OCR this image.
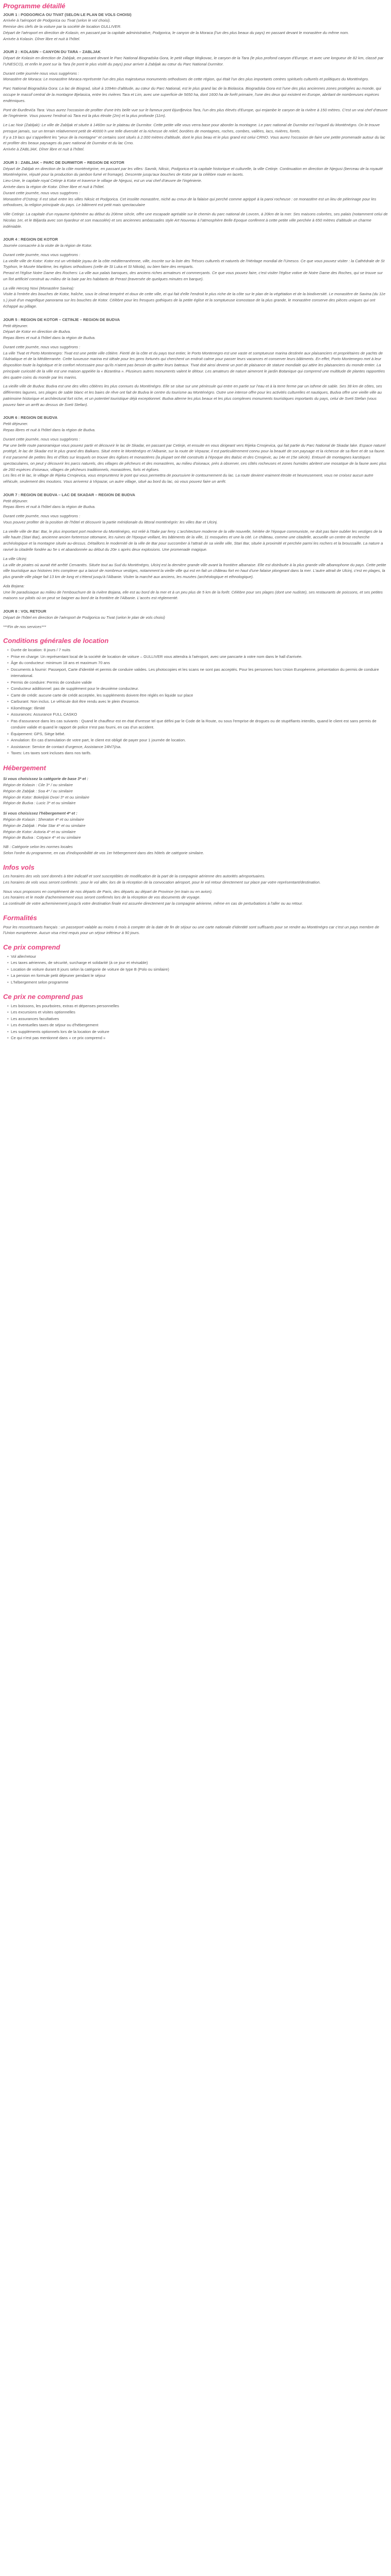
Programme détaillé
JOUR 1 : PODGORICA OU TIVAT (SELON LE PLAN DE VOLS CHOISI)

Arrivée à l'aéroport de Podgorica ou Tivat (selon le vol choisi).

Remise des clefs de la voiture par la société de location GULLIVER.

Départ de l'aéroport en direction de Kolasin, en passant par la capitale administrative, Podgorica, le canyon de la Moraca (l'un des plus beaux du pays) en passant devant le monastère du même nom.

Arrivée à Kolasin. Dîner libre et nuit à l'hôtel.

JOUR 2 : KOLASIN – CANYON DU TARA – ZABLJAK

Départ de Kolasin en direction de Zabljak, en passant devant le Parc National Biogradska Gora, le petit village Mojkovac, le canyon de la Tara (le plus profond canyon d'Europe, et avec une longueur de 82 km, classé par l'UNESCO), et enfin le pont sur la Tara (le pont le plus visité du pays) pour arriver à Zabljak au cœur du Parc National Durmitor.

Durant cette journée nous vous suggérons :

Monastère de Moraca: Le monastère Moraca représente l'un des plus majestueux monuments orthodoxes de cette région, qui était l'un des plus importants centres spirituels culturels et politiques du Monténégro.

Parc National Biogradska Gora: La lac de Biograd, situé à 1094m d'altitude, au cœur du Parc National, est le plus grand lac de la Biolasica. Biogradska Gora est l'une des plus anciennes zones protégées au monde, qui occupe le massif central de la montagne Bjelasica, entre les rivières Tara et Lim, avec une superficie de 5650 ha, dont 1600 ha de forêt primaire, l'une des deux qui existent en Europe, abritant de nombreuses espèces endémiques.

Pont de Đurđevića Tara: Vous aurez l'occasion de profiter d'une très belle vue sur le fameux pont Đjurđjevica Tara, l'un des plus élevés d'Europe, qui enjambe le canyon de la rivière à 150 mètres. C'est un vrai chef d'œuvre de l'ingénierie. Vous pouvez l'endroit où Tara est la plus étroite (2m) et la plus profonde (11m).

Le Lac Noir (Zabljak): Le ville de Zabljak et située à 1460m sur le plateau de Durmitor. Cette petite ville vous verra base pour aborder la montagne. Le parc national de Durmitor est l'orgueil du Monténégro. On le trouve presque jamais, sur un terrain relativement petit de 40000 h une telle diversité et la richesse de relief, bordées de montagnes, roches, combes, vallées, lacs, rivières, forets.

Il y a 19 lacs qui s'appellent les "yeux de la montagne" et certains sont situés à 2.000 mètres d'altitude, dont le plus beau et le plus grand est celui CRNO. Vous aurez l'occasion de faire une petite promenade autour du lac et profiter des beaux paysages du parc national de Durmitor et du lac Crno.

Arrivée à ZABLJAK. Dîner libre et nuit à l'hôtel.

JOUR 3 : ZABLJAK – PARC DE DURMITOR – REGION DE KOTOR

Départ de Zabljak en direction de la côte monténégrine, en passant par les villes: Savnik, Niksic, Podgorica et la capitale historique et culturelle, la ville Cetinje. Continuation en direction de Njegusi (berceau de la royauté Monténégrine, réputé pour la production du jambon fumé et fromage). Descente jusqu'aux bouches de Kotor par la célèbre route en lacets.

Lieu-Unie, le capitale royal Cetinje à Kotor et traverse le village de Njegusi, est un vrai chef d'œuvre de l'ingénierie.

Arrivée dans la région de Kotor. Dîner libre et nuit à l'hôtel.

Durant cette journée, nous vous suggérons :

Monastère d'Ostrog: Il est situé entre les villes Niksic et Podgorica. Cet insolite monastère, niché au creux de la falaise qui perché comme agrippé à la paroi rocheuse : ce monastère est un lieu de pèlerinage pour les orthodoxes, la religion principale du pays. Le bâtiment est petit mais spectaculaire

Ville Cetinje: La capitale d'un royaume éphémère au début du 20ème siècle, offre une escapade agréable sur le chemin du parc national de Lovcen, à 20km de la mer. Ses maisons colorées, ses palais (notamment celui de Nicolas 1er, et le Biljarda avec son tiyardeur et son mausolée) et ses anciennes ambassades style Art Nouveau à l'atmosphère Belle Epoque confèrent à cette petite ville perchée à 650 mètres d'altitude un charme indéniable.

JOUR 4 : REGION DE KOTOR

Journée consacrée à la visite de la région de Kotor.

Durant cette journée, nous vous suggérons :

La vieille ville de Kotor: Kotor est un véritable joyau de la côte méditerranéenne, ville, inscrite sur la liste des Trésors culturels et naturels de l'Héritage mondial de l'Unesco. Ce que vous pouvez visiter : la Cathédrale de St Tryphon, le Musée Maritime, les églises orthodoxes (celle de St Luka et St Nikola), ou bien faire des remparts.

Perast et l'église Notre Dame des Rochers: La ville aux palais baroques, des anciens riches armateurs et commerçants. Ce que vous pouvez faire, c'est visiter l'église votive de Notre Dame des Roches, qui se trouve sur un îlot artificiel construit au milieu de la baie par les habitants de Perast (traversée de quelques minutes en barque).

La ville Herceg Novi (Monastère Savina):

Visite à l'entrée des bouches de Kotor, fraîche, sous le climat tempéré et doux de cette ville, et qui fait d'elle l'endroit le plus riche de la côte sur le plan de la végétation et de la biodiversité. Le monastère de Savina (du 11e s.) jouit d'un magnifique panorama sur les bouches de Kotor. Célèbre pour les fresques gothiques de la petite église et la somptueuse iconostase de la plus grande, le monastère conserve des pièces uniques qui ont échappé au pillage.

JOUR 5 : REGION DE KOTOR – CETINJE – REGION DE BUDVA

Petit déjeuner.

Départ de Kotor en direction de Budva.

Repas libres et nuit à l'hôtel dans la région de Budva.

Durant cette journée, nous vous suggérons :

La ville Tivat et Porto Montenegro: Tivat est une petite ville côtière. Fierté de la côte et du pays tout entier, le Porto Montenegro est une vaste et somptueuse marina destinée aux plaisanciers et propriétaires de yachts de l'Adriatique et de la Méditerranée. Cette luxueuse marina est idéale pour les gens fortunés qui cherchent un endroit calme pour passer leurs vacances et conserver leurs bâtiments. En effet, Porto Montenegro met à leur disposition toute la logistique et le confort nécessaire pour qu'ils n'aient pas besoin de quitter leurs bateaux. Tivat doit ainsi devenir un port de plaisance de stature mondiale qui attire les plaisanciers du monde entier. La principale curiosité de la ville est une maison appelée la « Bizantina ». Plusieurs autres monuments valent le détour. Les amateurs de nature aimeront le jardin Botanique qui comprend une multitude de plantes rapportées des quatre coins du monde par les marins.

La vieille ville de Budva: Budva est une des villes côtières les plus connues du Monténégro. Elle se situe sur une péninsule qui entre en partie sur l'eau et à la terre ferme par un isthme de sable. Ses 38 km de côtes, ses différentes lagunes, ses plages de sable blanc et les baies de rêve ont fait de Budva le centre du tourisme au Monténégro. Outre une intense offre pour les activités culturelles et nautiques, Budva offre une vieille ville au patrimoine historique et architectural fort riche, et un potentiel touristique déjà exceptionnel. Budva alterne les plus beaux et les plus complexes monuments touristiques importants du pays, celui de Sveti Stefan (vous pouvez faire un arrêt au dessus de Sveti Stefan).

JOUR 6 : REGION DE BUDVA

Petit déjeuner.

Repas libres et nuit à l'hôtel dans la région de Budva.

Durant cette journée, nous vous suggérons :

Par une belle route panoramique vous pouvez partir et découvrir le lac de Skadar, en passant par Cetinje, et ensuite en vous dirigeant vers Rijeka Crnojevica, qui fait partie du Parc National de Skadar lake. Espace naturel protégé, le lac de Skadar est le plus grand des Balkans. Situé entre le Monténégro et l'Albanie, sur la route de Virpazar, il est particulièrement connu pour la beauté de son paysage et la richesse de sa flore et de sa faune. Il est parsemé de petites îles et d'îlots sur lesquels on trouve des églises et monastères (la plupart ont été construits à l'époque des Balsic et des Crnojevic, au 14e et 15e siècle). Entouré de montagnes karstiques spectaculaires, on peut y découvrir les parcs naturels, des villages de pêcheurs et des monastères, au milieu d'oiseaux, près à observer, ces côtés rocheuses et zones humides abritent une mosaïque de la faune avec plus de 260 espèces d'oiseaux, villages de pêcheurs traditionnels, monastères, forts et églises.

Les îles et le lac, le village de Rijeka Crnojevica, vous emprunterez le pont qui vous permettra de poursuivre le contournement du lac. La route devient vraiment étroite et heureusement, vous ne croisez aucun autre véhicule, seulement des moutons. Vous arriverez à Virpazar, un autre village, situé au bord du lac, où vous pouvez faire un arrêt.

JOUR 7 : REGION DE BUDVA – LAC DE SKADAR – REGION DE BUDVA

Petit déjeuner.

Repas libres et nuit à l'hôtel dans la région de Budva.

Durant cette journée, nous vous suggérons :

Vous pouvez profiter de la position de l'hôtel et découvrir la partie méridionale du littoral monténégrin: les villes Bar et Ulcinj.

La vieille ville de Bar: Bar, le plus important port moderne du Monténégro, est relié à l'Italie par ferry. L'architecture moderne de la ville nouvelle, héritée de l'époque communiste, ne doit pas faire oublier les vestiges de la ville haute (Stari Bar), ancienne ancien forteresse ottomane, les ruines de l'époque veillant, les bâtiments de la ville, 11 mosquées et une la cité. Le château, comme une citadelle, accueille un centre de recherche archéologique et la montagne située au-dessus. Détaillons le modernité de la ville de Bar pour succomber à l'attrait de sa vieille ville, Stari Bar, située à proximité et perchée parmi les rochers et la broussaille. La nature a ravivé la citadelle fondée au 5e s et abandonnée au début du 20e s après deux explosions. Une promenade magique.

La ville Ulcinj:

La ville de pirates où aurait été arrêté Cervantès. Située tout au Sud du Monténégro, Ulcinj est la dernière grande ville avant la frontière albanaise. Elle est distribuée à la plus grande ville albanophone du pays. Cette petite ville touristique aux histoires très complexe qui a laissé de nombreux vestiges, notamment la vieille ville qui est en fait un château fort en haut d'une falaise plongeant dans la mer. L'autre attrait de Ulcinj, c'est en plages, la plus grande ville plage fait 13 km de long et s'étend jusqu'à l'Albanie. Visiter la marché aux anciens, les musées (archéologique et ethnologique).

Ada Bojana:

Une île paradisiaque au milieu de l'embouchure de la rivière Bojana, elle est au bord de la mer et à un peu plus de 5 km de la forêt. Célèbre pour ses plages (dont une nudiste), ses restaurants de poissons, et ses petites maisons sur pilotis où on peut se baigner au bord de la frontière de l'Albanie. L'accès est réglementé.

JOUR 8 : VOL RETOUR

Départ de l'hôtel en direction de l'aéroport de Podgorica ou Tivat (selon le plan de vols choisi)

***Fin de nos services***

Conditions générales de location
• Durée de location: 8 jours / 7 nuits
• Prise en charge: Un représentant local de la société de location de voiture – GULLIVER vous attendra à l'aéroport, avec une pancarte à votre nom dans le hall d'arrivée.
• Âge du conducteur: minimum 18 ans et maximum 70 ans
• Documents à fournir: Passeport, Carte d'identité et permis de conduire valides. Les photocopies et les scans ne sont pas acceptés. Pour les personnes hors Union Européenne, présentation du permis de conduire international.
• Permis de conduire: Permis de conduire valide
• Conducteur additionnel: pas de supplément pour le deuxième conducteur.
• Carte de crédit: aucune carte de crédit acceptée, les suppléments doivent être réglés en liquide sur place
• Carburant: Non inclus. Le véhicule doit être rendu avec le plein d'essence.
• Kilométrage: Illimité
• Assurances: Assurance FULL CASKO
• Pas d'assurance dans les cas suivants : Quand le chauffeur est en état d'ivresse tel que défini par le Code de la Route, ou sous l'emprise de drogues ou de stupéfiants interdits, quand le client est sans permis de conduire valide et quand le rapport de police n'est pas fourni, en cas d'un accident.
• Équipement: GPS, Siège bébé.
• Annulation: En cas d'annulation de votre part, le client est obligé de payer pour 1 journée de location.
• Assistance: Service de contact d'urgence, Assistance 24h/7j/sa.
• Taxes: Les taxes sont incluses dans nos tarifs.
Hébergement
Si vous choisissez la catégorie de base 3* et :

Région de Kolasin : Cile 3* / ou similaire

Région de Zabljak : Soa 4* / ou similaire

Région de Kotor: Bokeljski Dvori 3* et ou similaire

Région de Budva : Lucic 3* et ou similaire

Si vous choisissez l'hébergement 4* et :

Région de Kolasin : Sheraton 4* et ou similaire

Région de Zabljak : Polar Star 4* et ou similaire

Région de Kotor: Astoria 4* et ou similaire

Région de Budva : Cotyace 4* et ou similaire

NB : Catégorie selon les normes locales

Selon l'ordre du programme, en cas d'indisponibilité de vos 1er hébergement dans des hôtels de catégorie similaire.

Infos vols

Les horaires des vols sont donnés à titre indicatif et sont susceptibles de modification de la part de la compagnie aérienne des autorités aéroportuaires.

Les horaires de vols vous seront confirmés : pour le vol aller, lors de la réception de la convocation aéroport, pour le vol retour directement sur place par votre représentant/destination.

Nous vous proposons en complément de nos départs de Paris, des départs au départ de Province (en train ou en avion).

Les horaires et le mode d'acheminement vous seront confirmés lors de la réception de vos documents de voyage.

La continuité de votre acheminement jusqu'à votre destination finale est assurée directement par la compagnie aérienne, même en cas de perturbations à l'aller ou au retour.

Formalités

Pour les ressortissants français : un passeport valable au moins 6 mois à compter de la date de fin de séjour ou une carte nationale d'identité sont suffisants pour se rendre au Monténégro car c'est un pays membre de l'Union européenne. Aucun visa n'est requis pour un séjour inférieur à 90 jours.

Ce prix comprend
• Vol aller/retour
• Les taxes aériennes, de sécurité, surcharge et solidarité (à ce jour et révisable)
• Location de voiture durant 8 jours selon la catégorie de voiture de type B (Polo ou similaire)
• La pension en formule petit déjeuner pendant le séjour
• L'hébergement selon programme
Ce prix ne comprend pas
• Les boissons, les pourboires, extras et dépenses personnelles
• Les excursions et visites optionnelles
• Les assurances facultatives
• Les éventuelles taxes de séjour ou d'hébergement
• Les suppléments optionnels lors de la location de voiture
• Ce qui n'est pas mentionné dans « ce prix comprend »
